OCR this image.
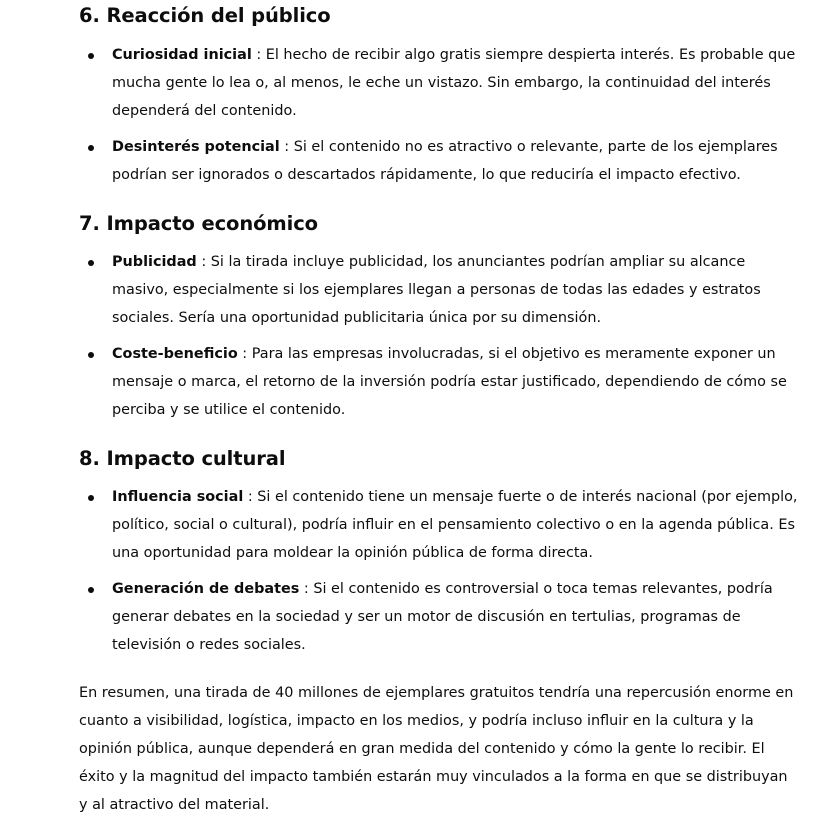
6. Reacción del público
Curiosidad inicial : El hecho de recibir algo gratis siempre despierta interés. Es probable que mucha gente lo lea o, al menos, le eche un vistazo. Sin embargo, la continuidad del interés dependerá del contenido.
Desinterés potencial : Si el contenido no es atractivo o relevante, parte de los ejemplares podrían ser ignorados o descartados rápidamente, lo que reduciría el impacto efectivo.
7. Impacto económico
Publicidad : Si la tirada incluye publicidad, los anunciantes podrían ampliar su alcance masivo, especialmente si los ejemplares llegan a personas de todas las edades y estratos sociales. Sería una oportunidad publicitaria única por su dimensión.
Coste-beneficio : Para las empresas involucradas, si el objetivo es meramente exponer un mensaje o marca, el retorno de la inversión podría estar justificado, dependiendo de cómo se perciba y se utilice el contenido.
8. Impacto cultural
Influencia social : Si el contenido tiene un mensaje fuerte o de interés nacional (por ejemplo, político, social o cultural), podría influir en el pensamiento colectivo o en la agenda pública. Es una oportunidad para moldear la opinión pública de forma directa.
Generación de debates : Si el contenido es controversial o toca temas relevantes, podría generar debates en la sociedad y ser un motor de discusión en tertulias, programas de televisión o redes sociales.

En resumen, una tirada de 40 millones de ejemplares gratuitos tendría una repercusión enorme en cuanto a visibilidad, logística, impacto en los medios, y podría incluso influir en la cultura y la opinión pública, aunque dependerá en gran medida del contenido y cómo la gente lo recibir. El éxito y la magnitud del impacto también estarán muy vinculados a la forma en que se distribuyan y al atractivo del material.
